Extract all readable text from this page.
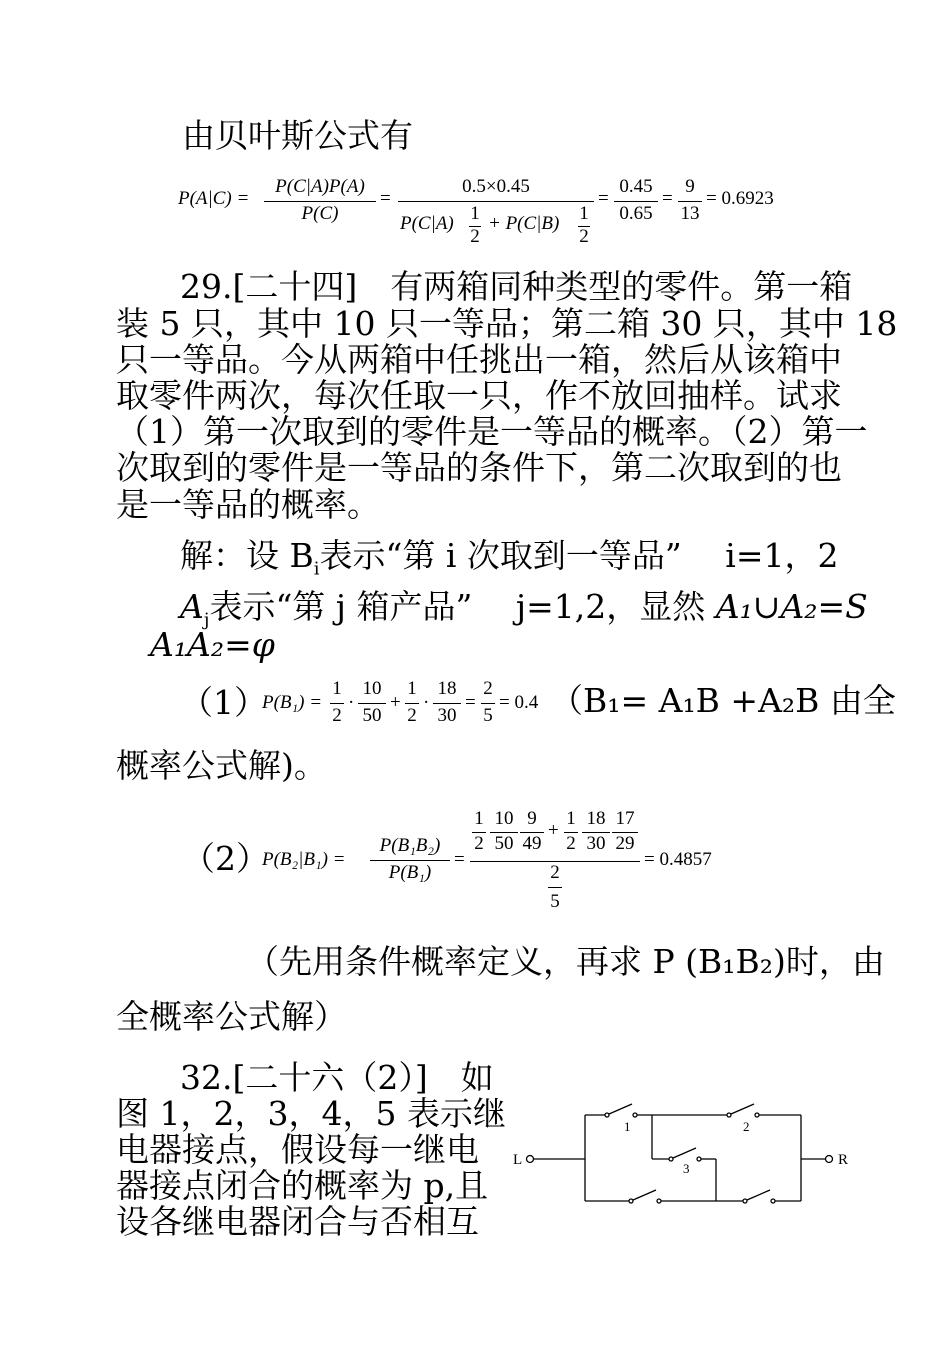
由贝叶斯公式有
P(A|C) =
P(C|A)P(A)
P(C)
=
0.5×0.45
P(C|A) 1
2
+ P(C|B) 1
2
=
0.45
0.65
=
9
13
= 0.6923
29.[二十四]　有两箱同种类型的零件。第一箱
装 5 只，其中 10 只一等品；第二箱 30 只，其中 18
只一等品。今从两箱中任挑出一箱，然后从该箱中
取零件两次，每次任取一只，作不放回抽样。试求
（1）第一次取到的零件是一等品的概率。（2）第一
次取到的零件是一等品的条件下，第二次取到的也
是一等品的概率。
解：设 $B_i$表示“第 i 次取到一等品”　 i=1，2
$A_j$表示“第 j 箱产品”　 j=1,2，显然 A₁∪A₂=S
A₁A₂=φ
（1）
P(B₁) =
1
2
·
10
50
+
1
2
·
18
30
=
2
5
= 0.4 （B₁= A₁B +A₂B 由全
概率公式解)。
（2）
P(B₂|B₁) =
P(B₁B₂)
P(B₁)
=
1
2
10
50
9
49
+
1
2
18
30
17
29
2
5
= 0.4857
（先用条件概率定义，再求 P (B₁B₂)时，由
全概率公式解）
32.[二十六（2）]　如
图 1，2，3，4，5 表示继
电器接点，假设每一继电
器接点闭合的概率为 p,且
设各继电器闭合与否相互
L	R
1	2
3
